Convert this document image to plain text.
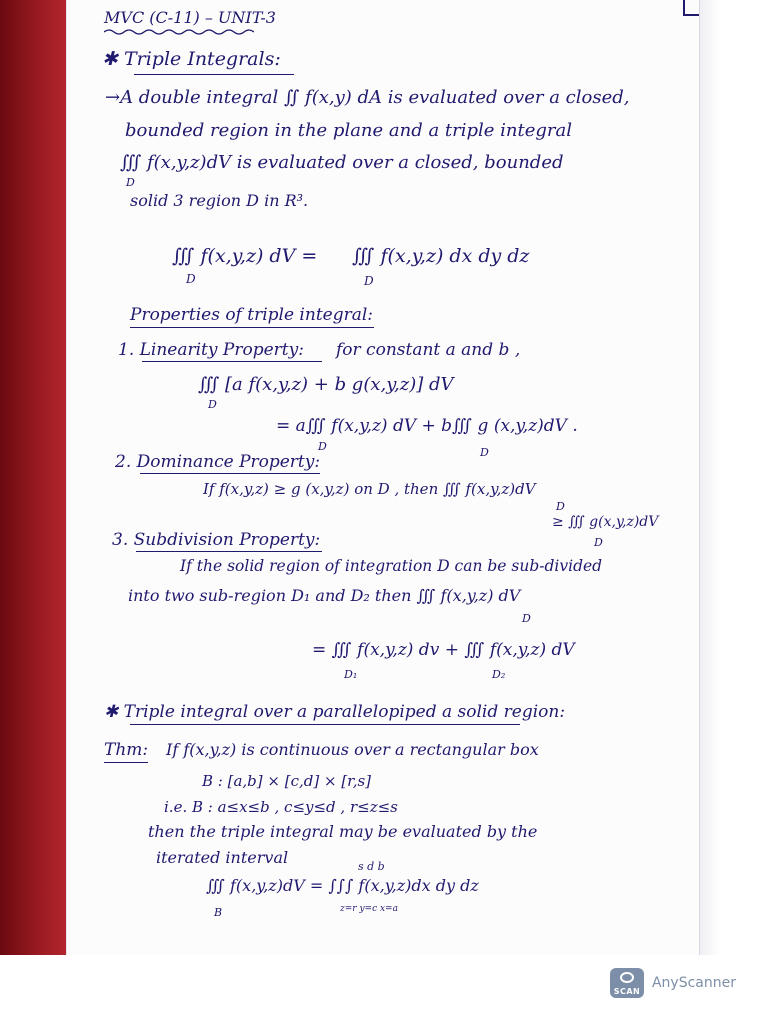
MVC (C-11) – UNIT-3
✱ Triple Integrals:
→A double integral ∬ f(x,y) dA is evaluated over a closed,
bounded region in the plane and a triple integral
∭ f(x,y,z)dV is evaluated over a closed, bounded
D
solid 3 region D in R³.
∭ f(x,y,z) dV =
D
∭ f(x,y,z) dx dy dz
D
Properties of triple integral:
1. Linearity Property: for constant a and b ,
∭ [a f(x,y,z) + b g(x,y,z)] dV
D
= a∭ f(x,y,z) dV + b∭ g (x,y,z)dV .
D	D
2. Dominance Property:
If f(x,y,z) ≥ g (x,y,z) on D , then ∭ f(x,y,z)dV
D
≥ ∭ g(x,y,z)dV
D
3. Subdivision Property:
If the solid region of integration D can be sub-divided
into two sub-region D₁ and D₂ then ∭ f(x,y,z) dV
D
= ∭ f(x,y,z) dv + ∭ f(x,y,z) dV
D₁	D₂
✱ Triple integral over a parallelopiped a solid region:
Thm: If f(x,y,z) is continuous over a rectangular box
B : [a,b] × [c,d] × [r,s]
i.e. B : a≤x≤b , c≤y≤d , r≤z≤s
then the triple integral may be evaluated by the
iterated interval	s d b
∭ f(x,y,z)dV = ∫∫∫ f(x,y,z)dx dy dz
B	z=r y=c x=a
SCAN
AnyScanner
